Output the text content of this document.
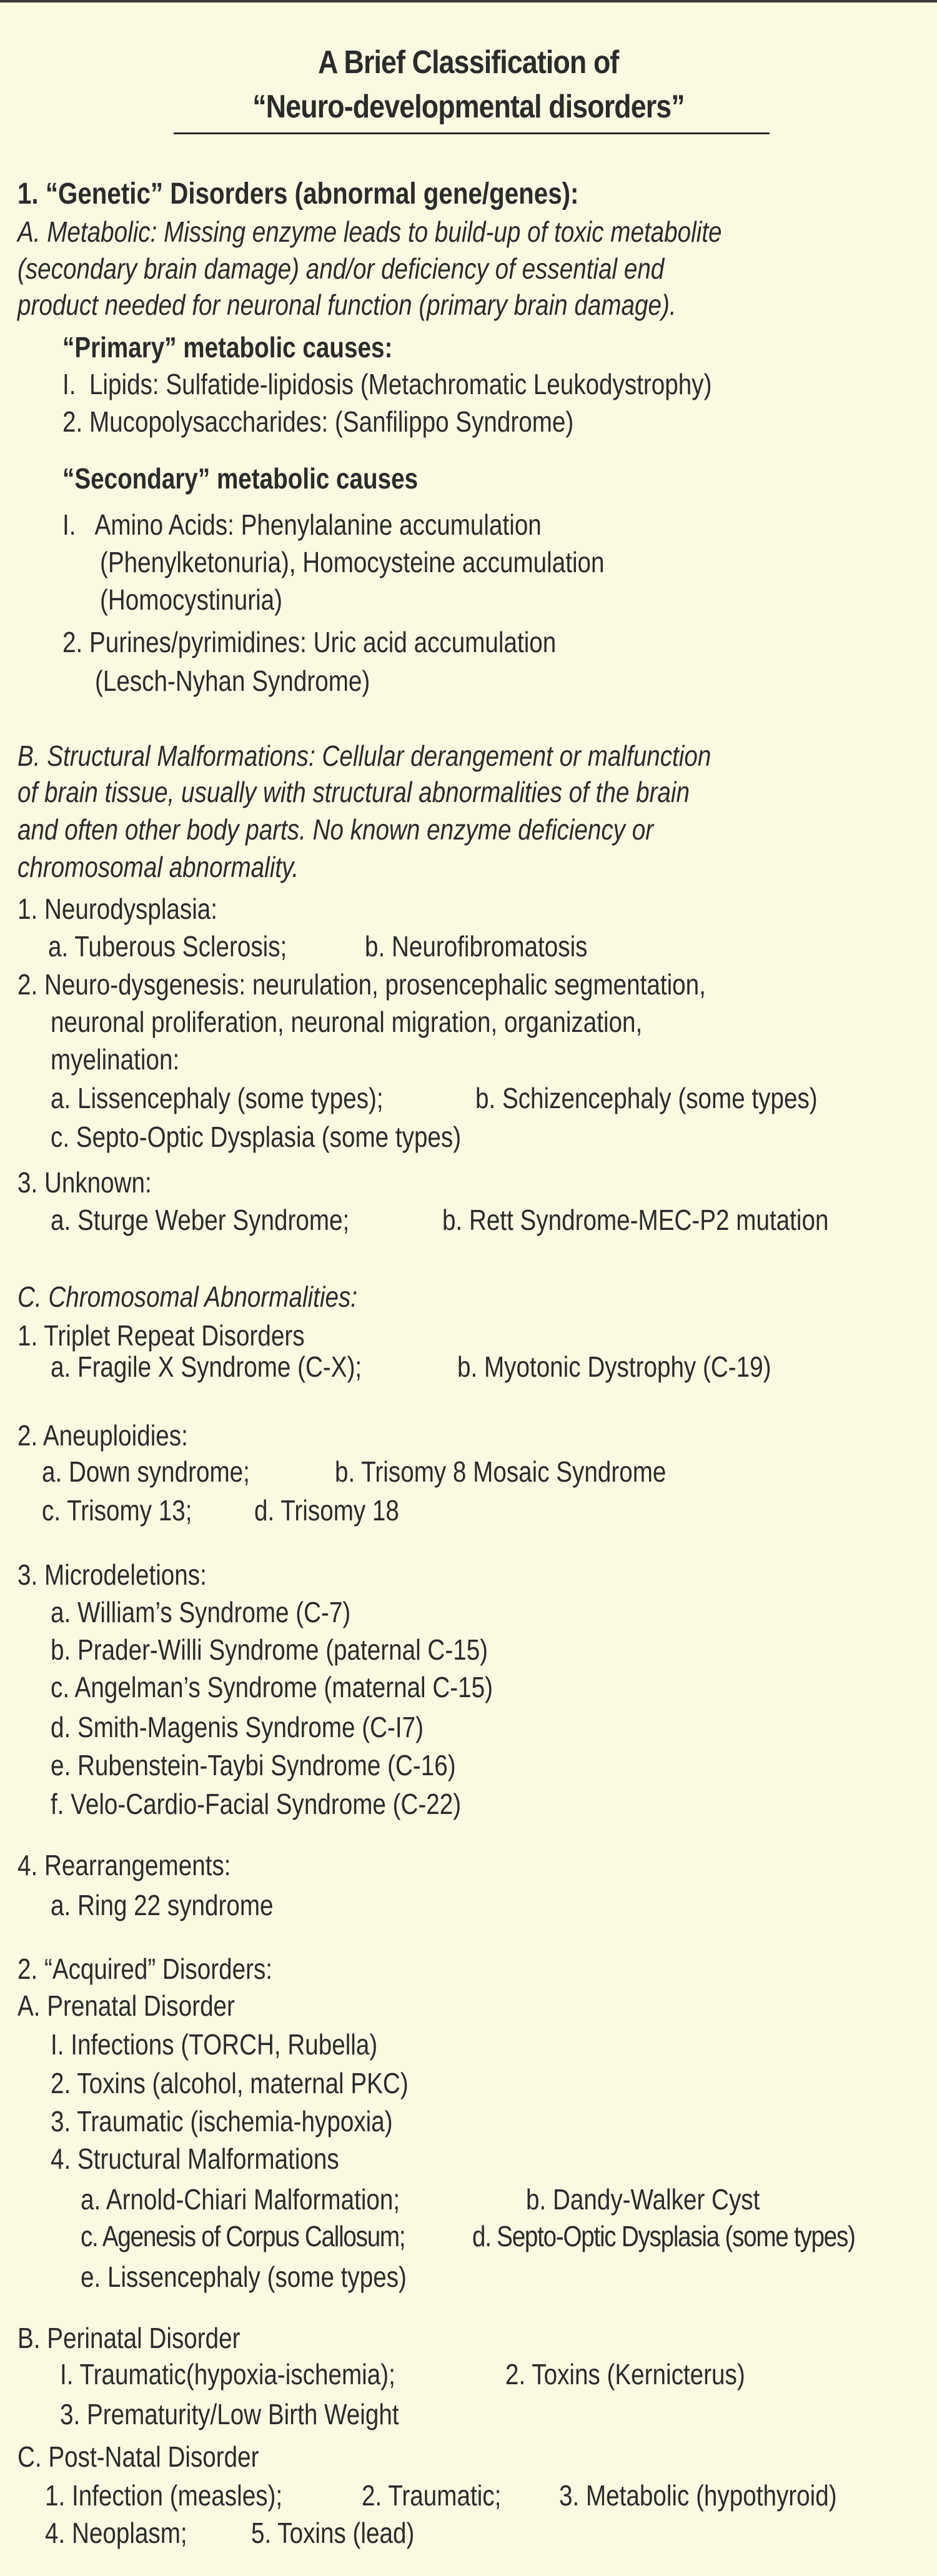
A Brief Classification of
“Neuro-developmental disorders”
1. “Genetic” Disorders (abnormal gene/genes):
A. Metabolic: Missing enzyme leads to build-up of toxic metabolite
(secondary brain damage) and/or deficiency of essential end
product needed for neuronal function (primary brain damage).
“Primary” metabolic causes:
I.  Lipids: Sulfatide-lipidosis (Metachromatic Leukodystrophy)
2. Mucopolysaccharides: (Sanfilippo Syndrome)
“Secondary” metabolic causes
I.   Amino Acids: Phenylalanine accumulation
(Phenylketonuria), Homocysteine accumulation
(Homocystinuria)
2. Purines/pyrimidines: Uric acid accumulation
(Lesch-Nyhan Syndrome)
B. Structural Malformations: Cellular derangement or malfunction
of brain tissue, usually with structural abnormalities of the brain
and often other body parts. No known enzyme deficiency or
chromosomal abnormality.
1. Neurodysplasia:
a. Tuberous Sclerosis;	b. Neurofibromatosis
2. Neuro-dysgenesis: neurulation, prosencephalic segmentation,
neuronal proliferation, neuronal migration, organization,
myelination:
a. Lissencephaly (some types);	b. Schizencephaly (some types)
c. Septo-Optic Dysplasia (some types)
3. Unknown:
a. Sturge Weber Syndrome;	b. Rett Syndrome-MEC-P2 mutation
C. Chromosomal Abnormalities:
1. Triplet Repeat Disorders
a. Fragile X Syndrome (C-X);	b. Myotonic Dystrophy (C-19)
2. Aneuploidies:
a. Down syndrome;	b. Trisomy 8 Mosaic Syndrome
c. Trisomy 13; d. Trisomy 18
3. Microdeletions:
a. William’s Syndrome (C-7)
b. Prader-Willi Syndrome (paternal C-15)
c. Angelman’s Syndrome (maternal C-15)
d. Smith-Magenis Syndrome (C-I7)
e. Rubenstein-Taybi Syndrome (C-16)
f. Velo-Cardio-Facial Syndrome (C-22)
4. Rearrangements:
a. Ring 22 syndrome
2. “Acquired” Disorders:
A. Prenatal Disorder
I. Infections (TORCH, Rubella)
2. Toxins (alcohol, maternal PKC)
3. Traumatic (ischemia-hypoxia)
4. Structural Malformations
a. Arnold-Chiari Malformation;	b. Dandy-Walker Cyst
c. Agenesis of Corpus Callosum; d. Septo-Optic Dysplasia (some types)
e. Lissencephaly (some types)
B. Perinatal Disorder
I. Traumatic(hypoxia-ischemia);	2. Toxins (Kernicterus)
3. Prematurity/Low Birth Weight
C. Post-Natal Disorder
1. Infection (measles);	2. Traumatic; 3. Metabolic (hypothyroid)
4. Neoplasm; 5. Toxins (lead)
